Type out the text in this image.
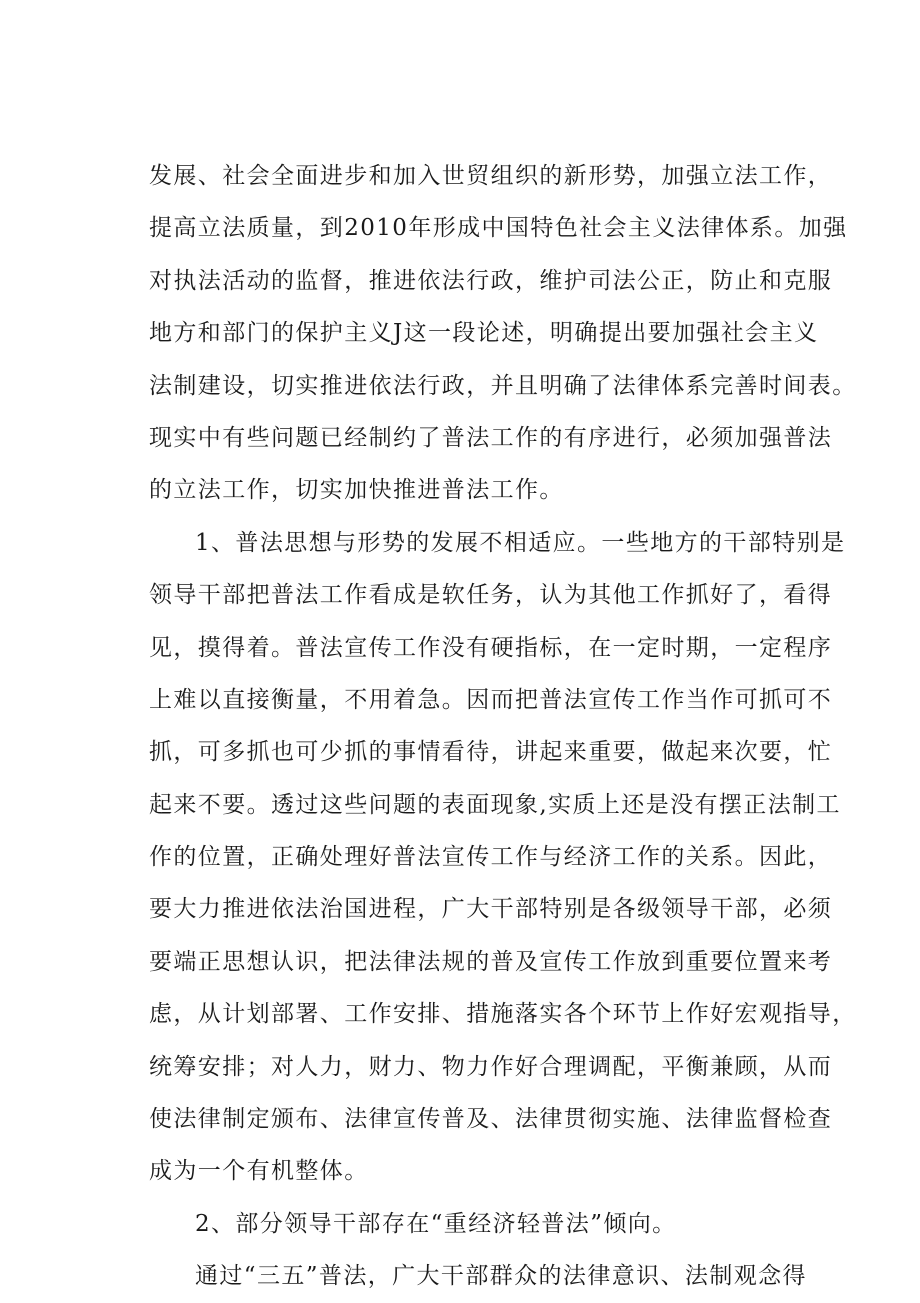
发展、社会全面进步和加入世贸组织的新形势，加强立法工作，
提高立法质量，到2010年形成中国特色社会主义法律体系。加强
对执法活动的监督，推进依法行政，维护司法公正，防止和克服
地方和部门的保护主义J这一段论述，明确提出要加强社会主义
法制建设，切实推进依法行政，并且明确了法律体系完善时间表。
现实中有些问题已经制约了普法工作的有序进行，必须加强普法
的立法工作，切实加快推进普法工作。
1、普法思想与形势的发展不相适应。一些地方的干部特别是
领导干部把普法工作看成是软任务，认为其他工作抓好了，看得
见，摸得着。普法宣传工作没有硬指标，在一定时期，一定程序
上难以直接衡量，不用着急。因而把普法宣传工作当作可抓可不
抓，可多抓也可少抓的事情看待，讲起来重要，做起来次要，忙
起来不要。透过这些问题的表面现象,实质上还是没有摆正法制工
作的位置，正确处理好普法宣传工作与经济工作的关系。因此，
要大力推进依法治国进程，广大干部特别是各级领导干部，必须
要端正思想认识，把法律法规的普及宣传工作放到重要位置来考
虑，从计划部署、工作安排、措施落实各个环节上作好宏观指导，
统筹安排；对人力，财力、物力作好合理调配，平衡兼顾，从而
使法律制定颁布、法律宣传普及、法律贯彻实施、法律监督检查
成为一个有机整体。
2、部分领导干部存在“重经济轻普法”倾向。
通过“三五”普法，广大干部群众的法律意识、法制观念得
